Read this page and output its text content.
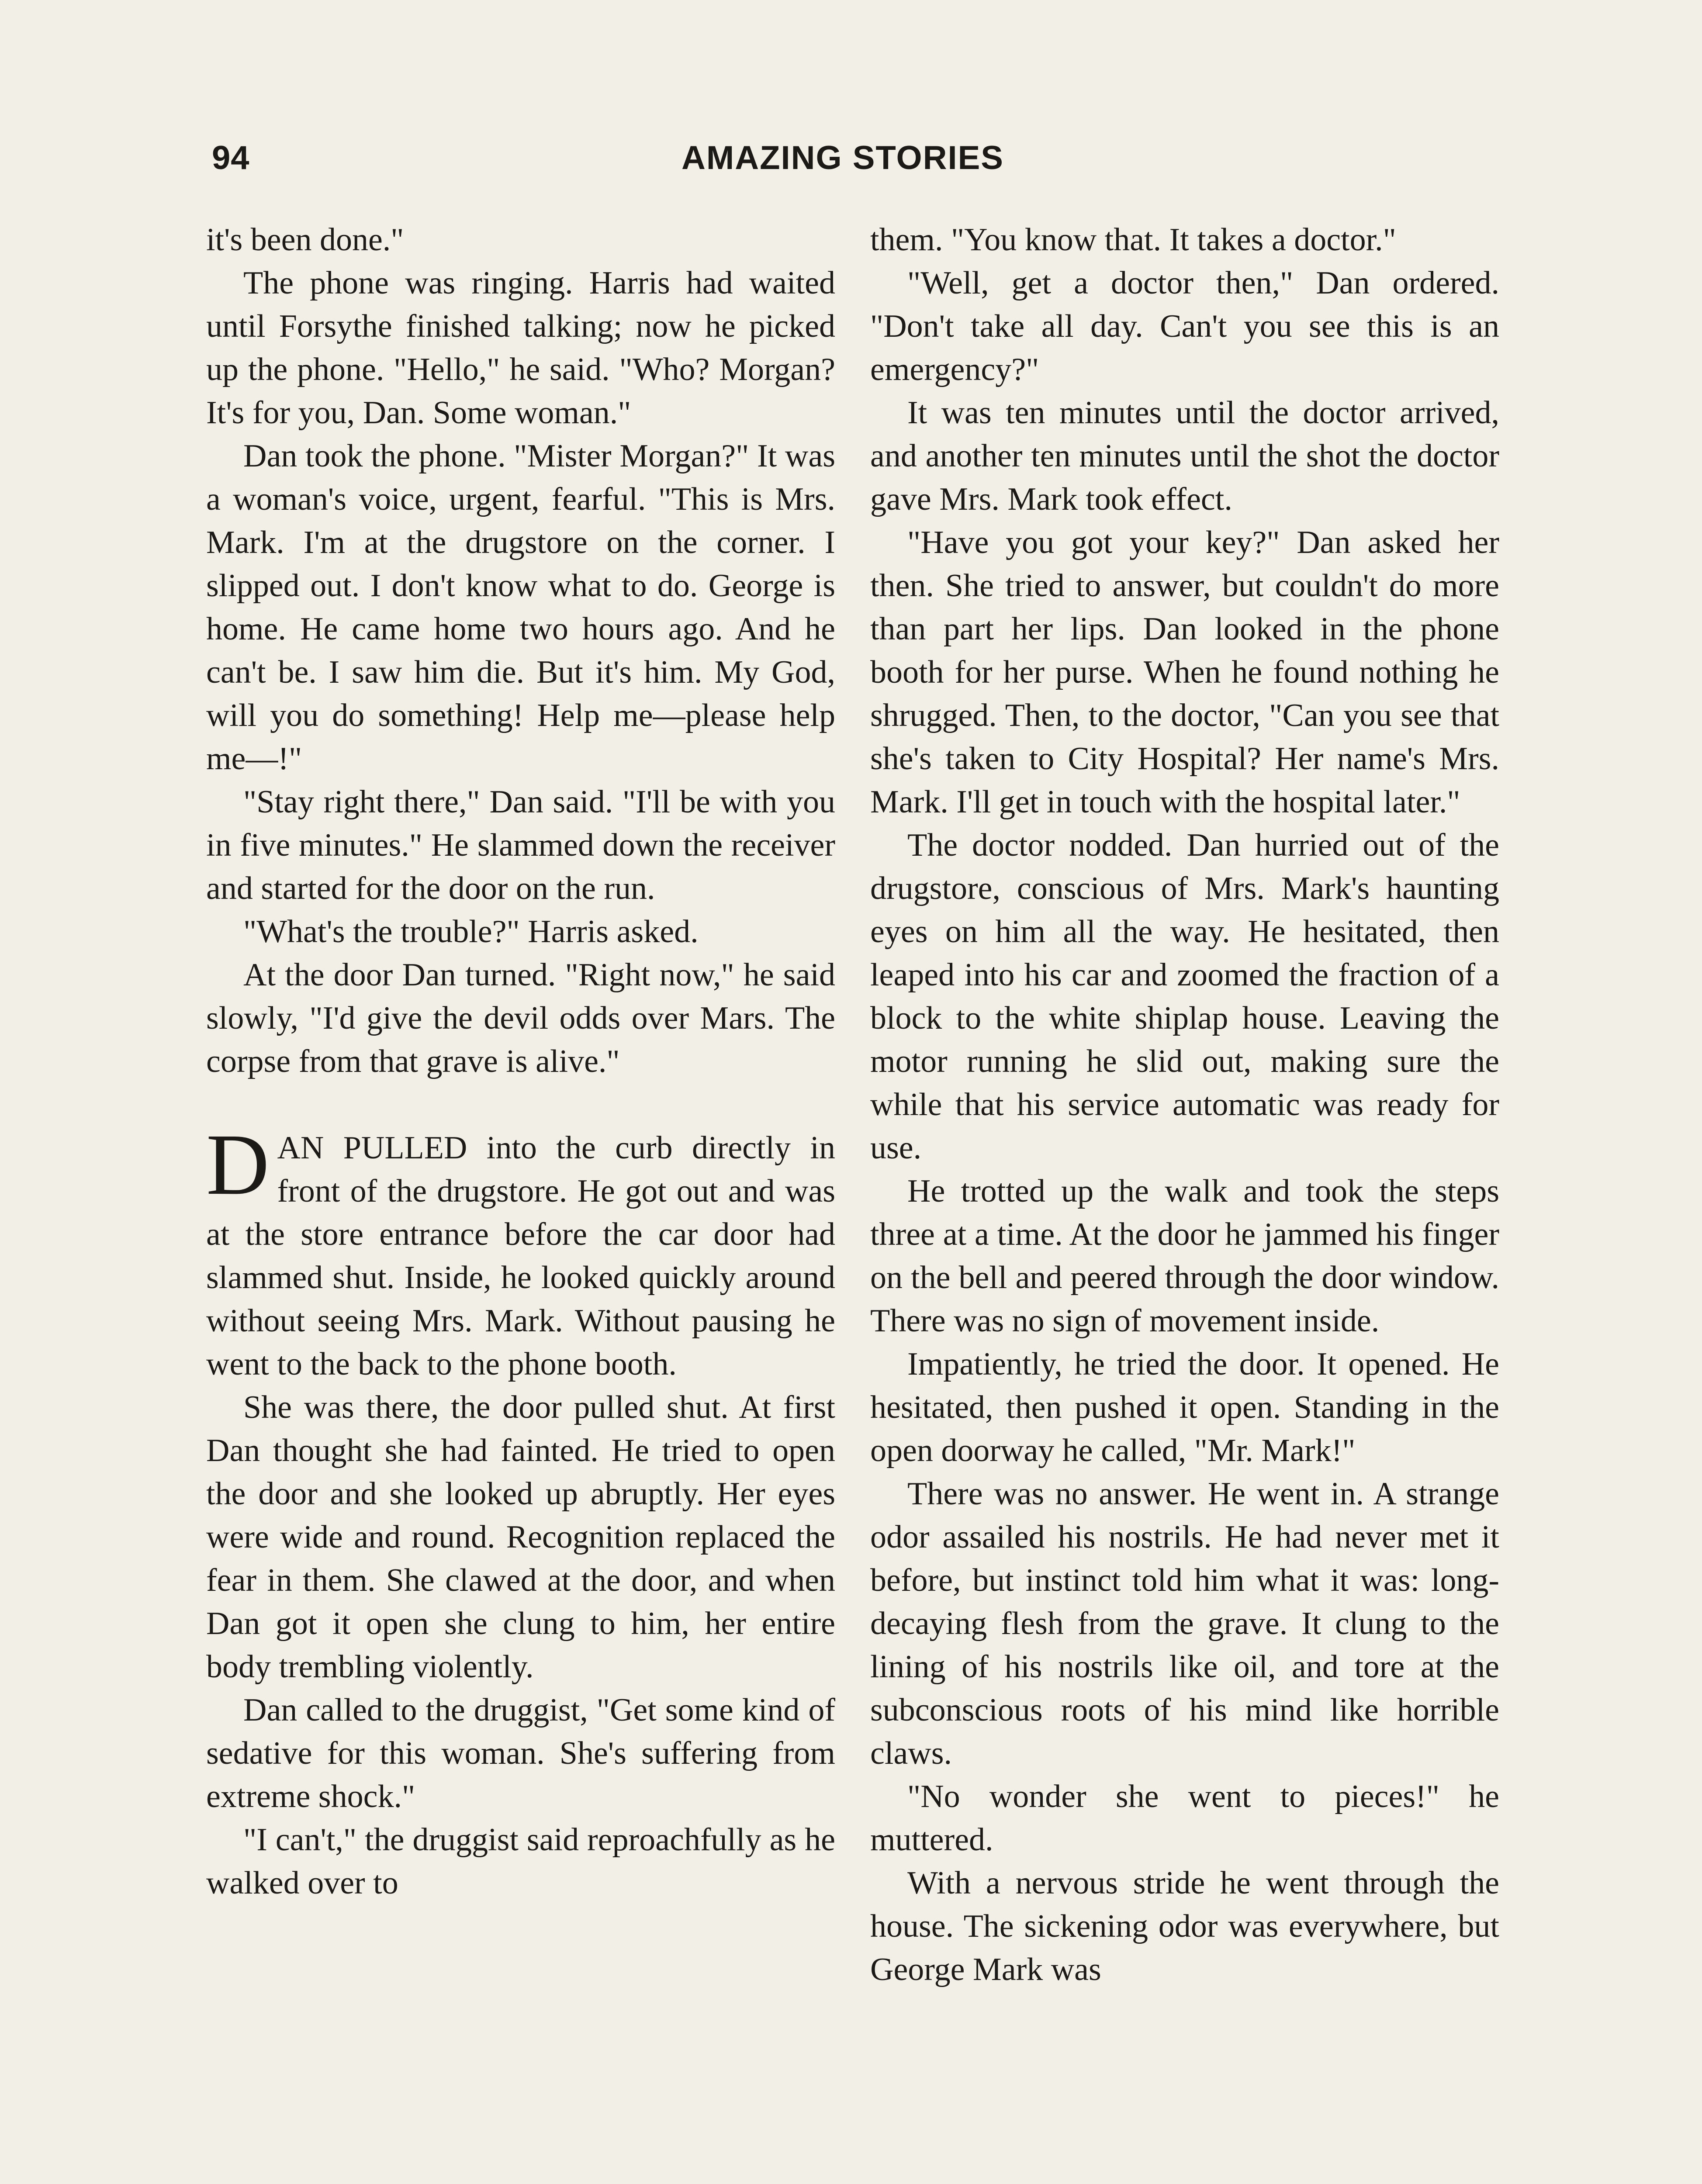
94	AMAZING STORIES

it's been done."

The phone was ringing. Harris had waited until Forsythe finished talking; now he picked up the phone. "Hello," he said. "Who? Morgan? It's for you, Dan. Some woman."

Dan took the phone. "Mister Morgan?" It was a woman's voice, urgent, fearful. "This is Mrs. Mark. I'm at the drugstore on the corner. I slipped out. I don't know what to do. George is home. He came home two hours ago. And he can't be. I saw him die. But it's him. My God, will you do something! Help me—please help me—!"

"Stay right there," Dan said. "I'll be with you in five minutes." He slammed down the receiver and started for the door on the run.

"What's the trouble?" Harris asked.

At the door Dan turned. "Right now," he said slowly, "I'd give the devil odds over Mars. The corpse from that grave is alive."

DAN PULLED into the curb directly in front of the drugstore. He got out and was at the store entrance before the car door had slammed shut. Inside, he looked quickly around without seeing Mrs. Mark. Without pausing he went to the back to the phone booth.

She was there, the door pulled shut. At first Dan thought she had fainted. He tried to open the door and she looked up abruptly. Her eyes were wide and round. Recognition replaced the fear in them. She clawed at the door, and when Dan got it open she clung to him, her entire body trembling violently.

Dan called to the druggist, "Get some kind of sedative for this woman. She's suffering from extreme shock."

"I can't," the druggist said reproachfully as he walked over to

them. "You know that. It takes a doctor."

"Well, get a doctor then," Dan ordered. "Don't take all day. Can't you see this is an emergency?"

It was ten minutes until the doctor arrived, and another ten minutes until the shot the doctor gave Mrs. Mark took effect.

"Have you got your key?" Dan asked her then. She tried to answer, but couldn't do more than part her lips. Dan looked in the phone booth for her purse. When he found nothing he shrugged. Then, to the doctor, "Can you see that she's taken to City Hospital? Her name's Mrs. Mark. I'll get in touch with the hospital later."

The doctor nodded. Dan hurried out of the drugstore, conscious of Mrs. Mark's haunting eyes on him all the way. He hesitated, then leaped into his car and zoomed the fraction of a block to the white shiplap house. Leaving the motor running he slid out, making sure the while that his service automatic was ready for use.

He trotted up the walk and took the steps three at a time. At the door he jammed his finger on the bell and peered through the door window. There was no sign of movement inside.

Impatiently, he tried the door. It opened. He hesitated, then pushed it open. Standing in the open doorway he called, "Mr. Mark!"

There was no answer. He went in. A strange odor assailed his nostrils. He had never met it before, but instinct told him what it was: long-decaying flesh from the grave. It clung to the lining of his nostrils like oil, and tore at the subconscious roots of his mind like horrible claws.

"No wonder she went to pieces!" he muttered.

With a nervous stride he went through the house. The sickening odor was everywhere, but George Mark was
